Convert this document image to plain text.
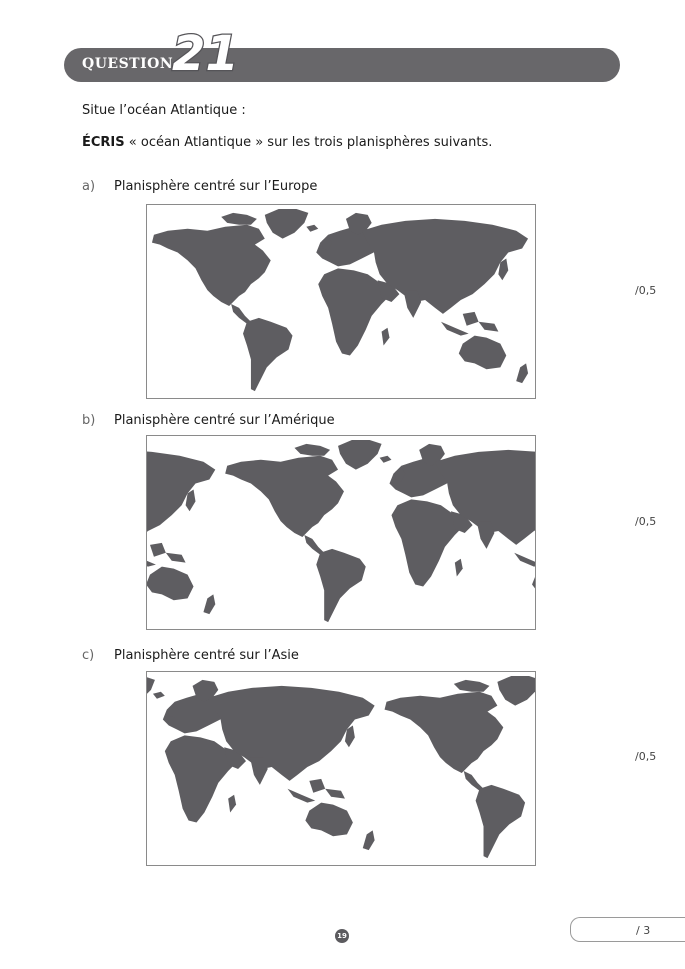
QUESTION
21
Situe l’océan Atlantique :
ÉCRIS « océan Atlantique » sur les trois planisphères suivants.
a) Planisphère centré sur l’Europe
/0,5
b) Planisphère centré sur l’Amérique
/0,5
c) Planisphère centré sur l’Asie
/0,5
19	/ 3
